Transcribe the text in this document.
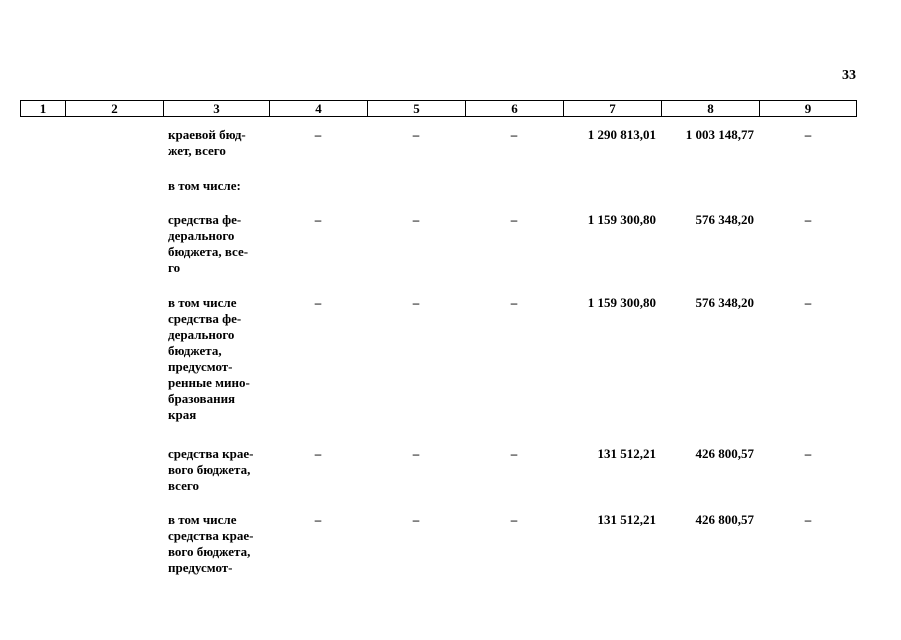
33
1	2	3	4	5	6	7	8	9
краевой бюд-
жет, всего
–	–	–	1 290 813,01	1 003 148,77	–
в том числе:
средства фе-
дерального
бюджета, все-
го
–	–	–	1 159 300,80	576 348,20	–
в том числе
средства фе-
дерального
бюджета,
предусмот-
ренные мино-
бразования
края
–	–	–	1 159 300,80	576 348,20	–
средства крае-
вого бюджета,
всего
–	–	–	131 512,21	426 800,57	–
в том числе
средства крае-
вого бюджета,
предусмот-
–	–	–	131 512,21	426 800,57	–
